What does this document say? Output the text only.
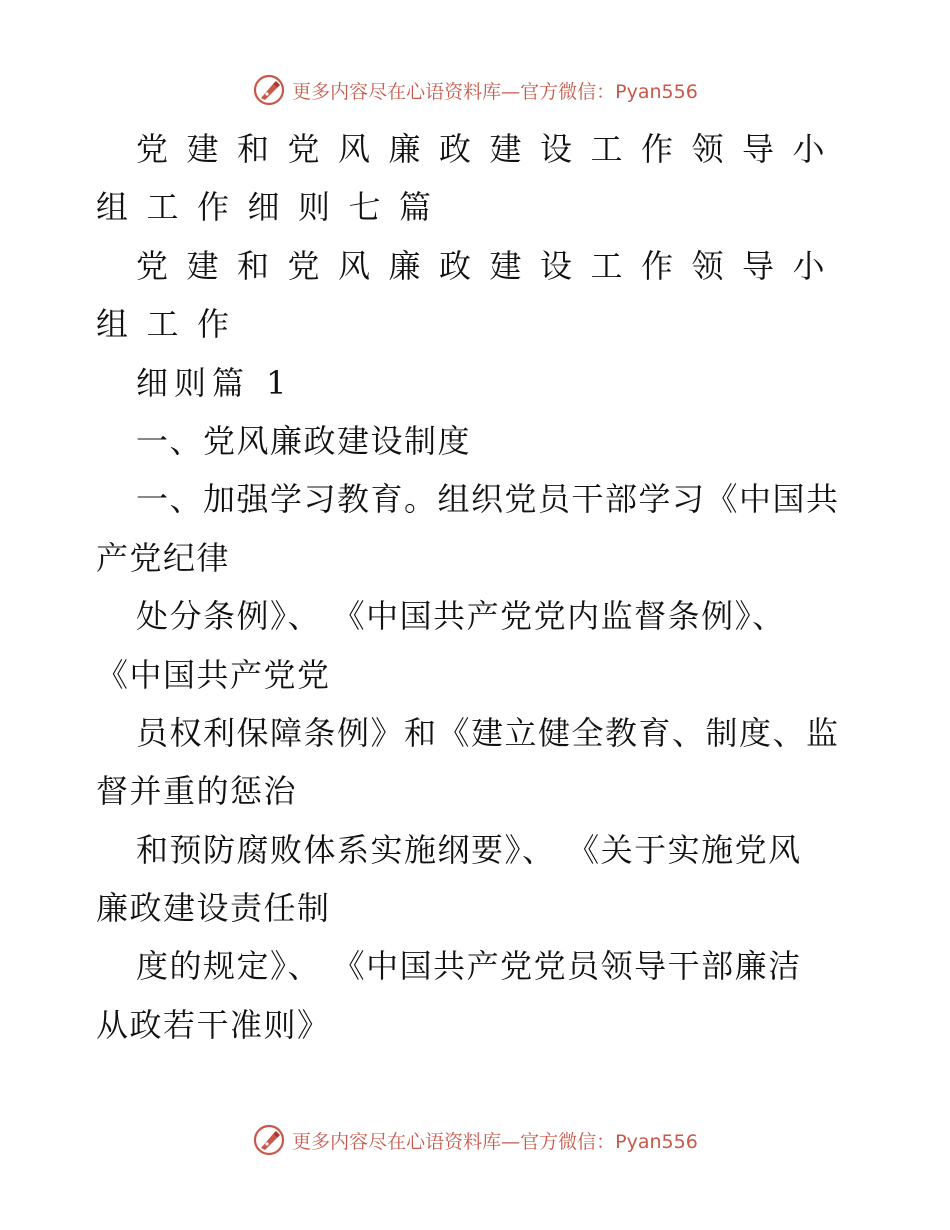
更多内容尽在心语资料库—官方微信：Pyan556
党建和党风廉政建设工作领导小
组工作细则七篇
党建和党风廉政建设工作领导小
组工作
细则篇 1
一、党风廉政建设制度
一、加强学习教育。组织党员干部学习《中国共
产党纪律
处分条例》、 《中国共产党党内监督条例》、
《中国共产党党
员权利保障条例》和《建立健全教育、制度、监
督并重的惩治
和预防腐败体系实施纲要》、 《关于实施党风
廉政建设责任制
度的规定》、 《中国共产党党员领导干部廉洁
从政若干准则》
更多内容尽在心语资料库—官方微信：Pyan556
